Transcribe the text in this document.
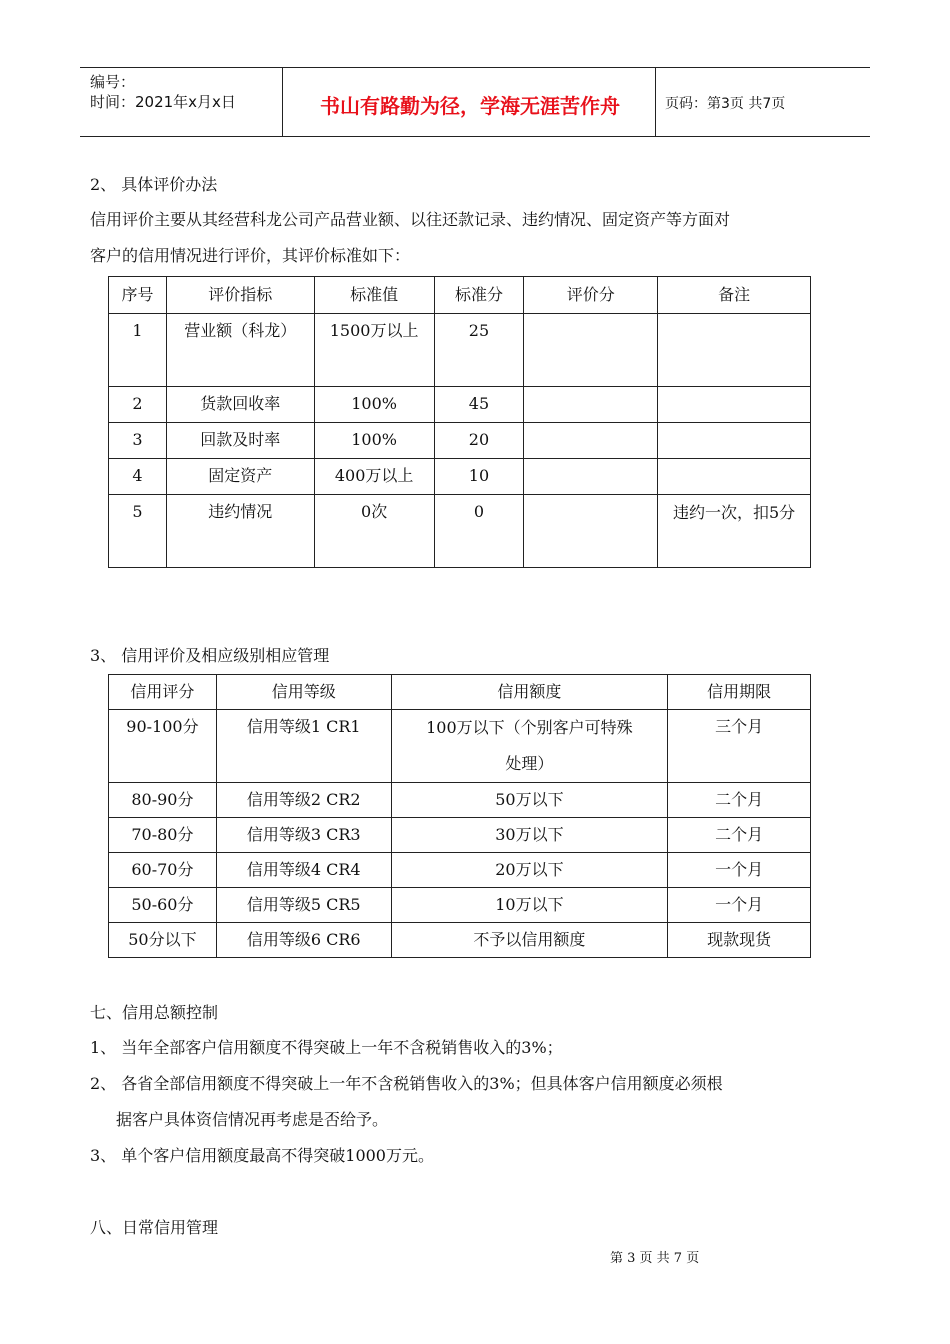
编号：
时间：2021年x月x日	书山有路勤为径，学海无涯苦作舟	页码：第3页 共7页
2、 具体评价办法
信用评价主要从其经营科龙公司产品营业额、以往还款记录、违约情况、固定资产等方面对
客户的信用情况进行评价，其评价标准如下：
序号	评价指标	标准值	标准分	评价分	备注
1	营业额（科龙）	1500万以上	25		
2	货款回收率	100%	45		
3	回款及时率	100%	20		
4	固定资产	400万以上	10		
5	违约情况	0次	0		违约一次，扣5分
3、 信用评价及相应级别相应管理
信用评分	信用等级	信用额度	信用期限
90-100分	信用等级1 CR1	100万以下（个别客户可特殊处理）	三个月
80-90分	信用等级2 CR2	50万以下	二个月
70-80分	信用等级3 CR3	30万以下	二个月
60-70分	信用等级4 CR4	20万以下	一个月
50-60分	信用等级5 CR5	10万以下	一个月
50分以下	信用等级6 CR6	不予以信用额度	现款现货
七、信用总额控制
1、 当年全部客户信用额度不得突破上一年不含税销售收入的3%；
2、 各省全部信用额度不得突破上一年不含税销售收入的3%；但具体客户信用额度必须根
据客户具体资信情况再考虑是否给予。
3、 单个客户信用额度最高不得突破1000万元。
八、日常信用管理
第 3 页 共 7 页
